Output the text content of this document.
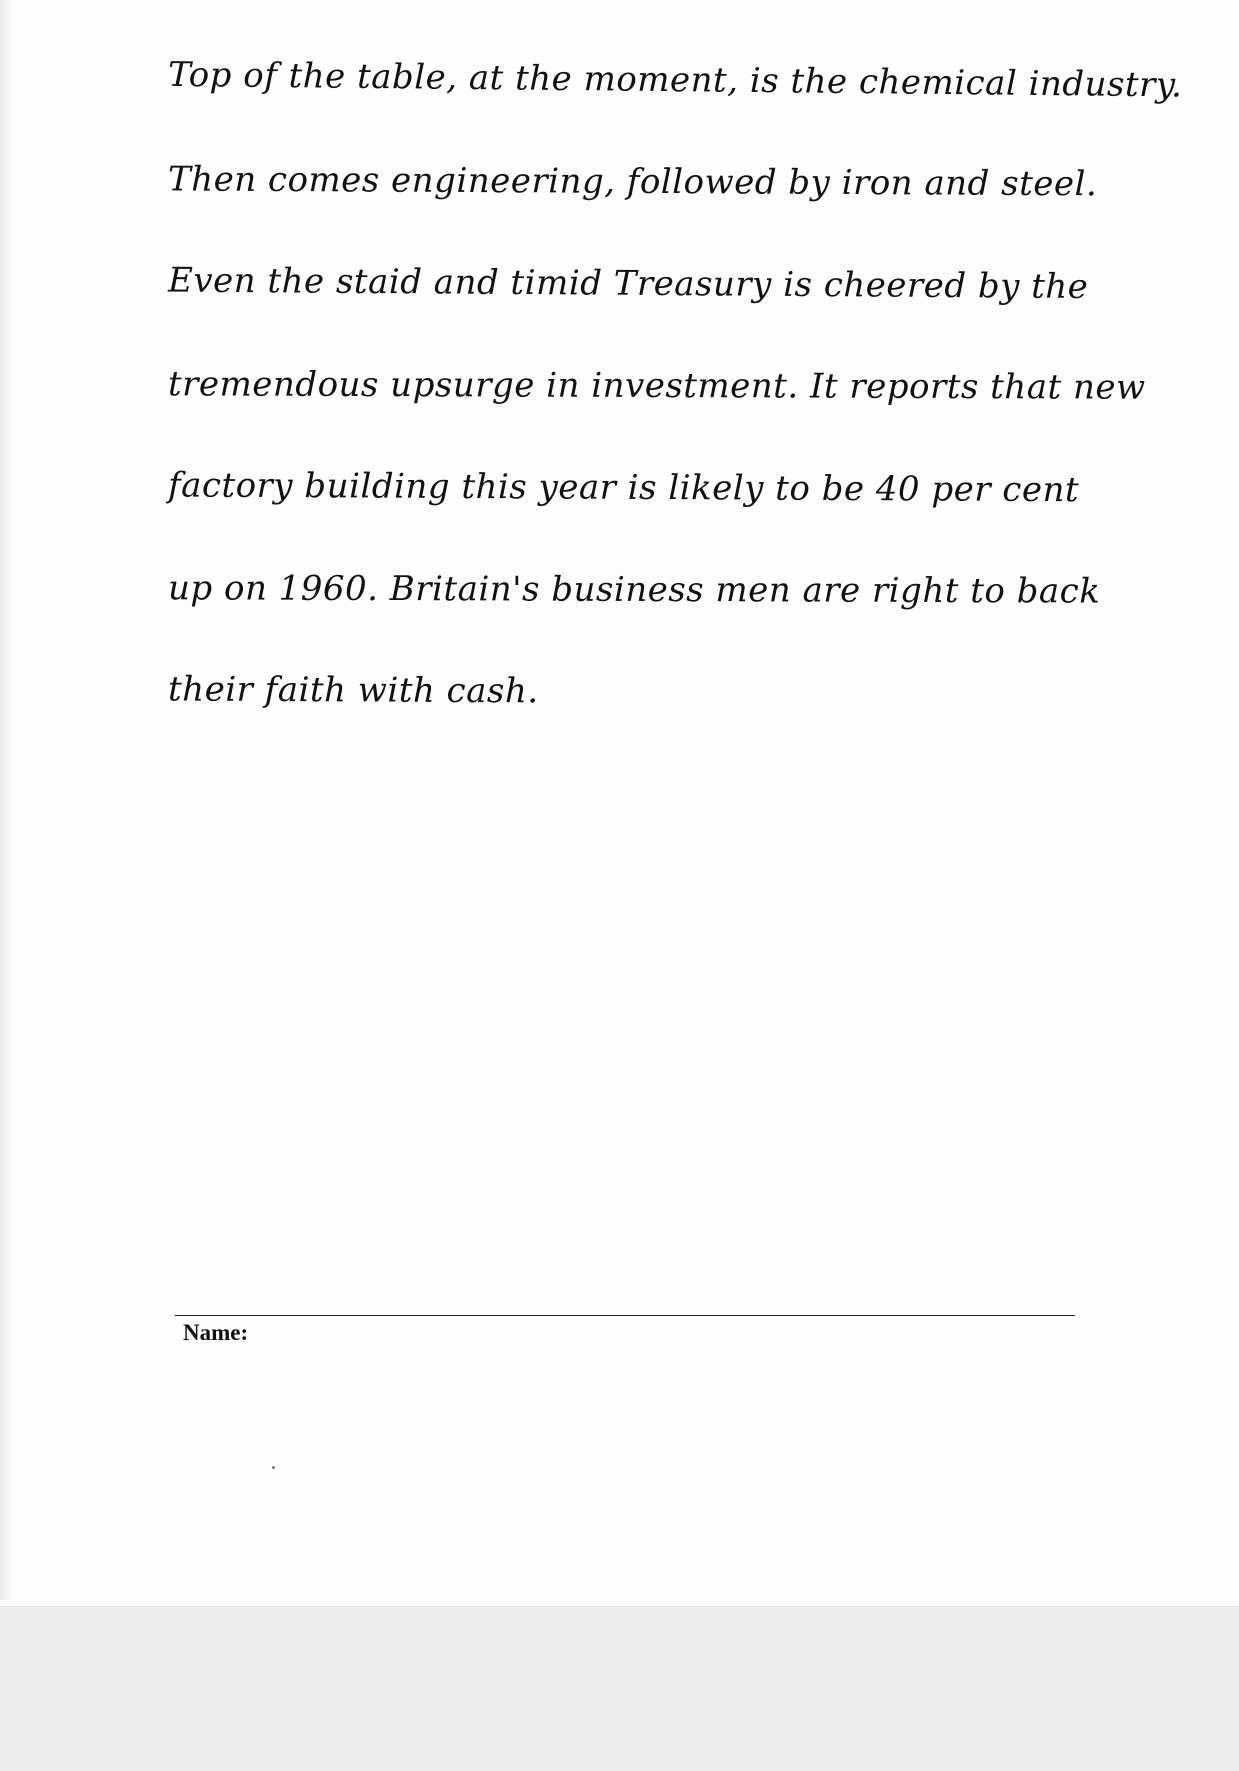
Top of the table, at the moment, is the chemical industry.
Then comes engineering, followed by iron and steel.
Even the staid and timid Treasury is cheered by the
tremendous upsurge in investment. It reports that new
factory building this year is likely to be 40 per cent
up on 1960. Britain's business men are right to back
their faith with cash.
Name:
